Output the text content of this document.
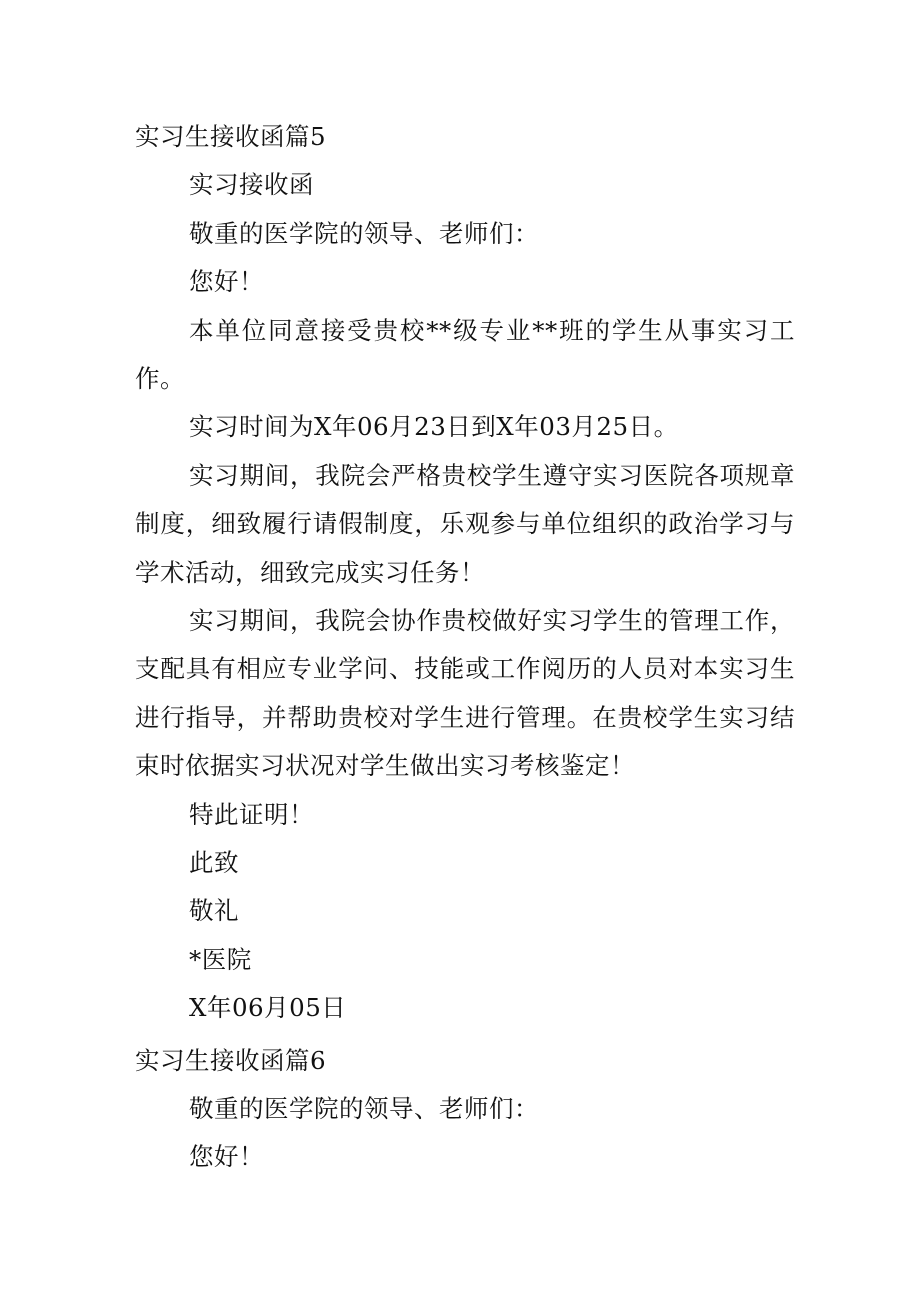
实习生接收函篇5
实习接收函
敬重的医学院的领导、老师们：
您好！
本单位同意接受贵校**级专业**班的学生从事实习工作。
实习时间为X年06月23日到X年03月25日。
实习期间，我院会严格贵校学生遵守实习医院各项规章制度，细致履行请假制度，乐观参与单位组织的政治学习与学术活动，细致完成实习任务！
实习期间，我院会协作贵校做好实习学生的管理工作，支配具有相应专业学问、技能或工作阅历的人员对本实习生进行指导，并帮助贵校对学生进行管理。在贵校学生实习结束时依据实习状况对学生做出实习考核鉴定！
特此证明！
此致
敬礼
*医院
X年06月05日
实习生接收函篇6
敬重的医学院的领导、老师们：
您好！
